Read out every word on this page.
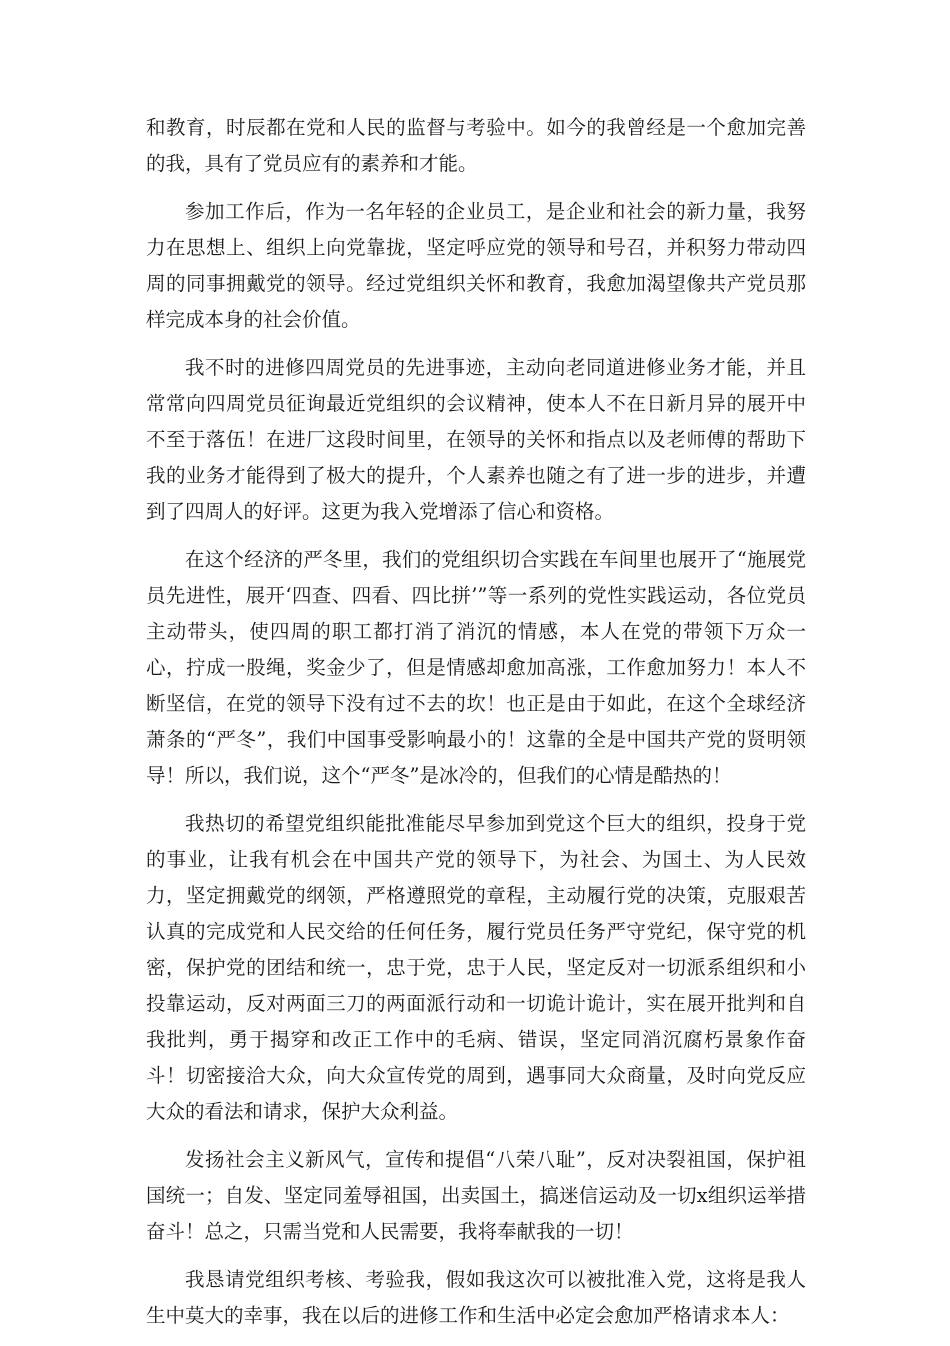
和教育，时辰都在党和人民的监督与考验中。如今的我曾经是一个愈加完善的我，具有了党员应有的素养和才能。

参加工作后，作为一名年轻的企业员工，是企业和社会的新力量，我努力在思想上、组织上向党靠拢，坚定呼应党的领导和号召，并积努力带动四周的同事拥戴党的领导。经过党组织关怀和教育，我愈加渴望像共产党员那样完成本身的社会价值。

我不时的进修四周党员的先进事迹，主动向老同道进修业务才能，并且常常向四周党员征询最近党组织的会议精神，使本人不在日新月异的展开中不至于落伍！在进厂这段时间里，在领导的关怀和指点以及老师傅的帮助下我的业务才能得到了极大的提升，个人素养也随之有了进一步的进步，并遭到了四周人的好评。这更为我入党增添了信心和资格。

在这个经济的严冬里，我们的党组织切合实践在车间里也展开了“施展党员先进性，展开‘四查、四看、四比拼’”等一系列的党性实践运动，各位党员主动带头，使四周的职工都打消了消沉的情感，本人在党的带领下万众一心，拧成一股绳，奖金少了，但是情感却愈加高涨，工作愈加努力！本人不断坚信，在党的领导下没有过不去的坎！也正是由于如此，在这个全球经济萧条的“严冬”，我们中国事受影响最小的！这靠的全是中国共产党的贤明领导！所以，我们说，这个“严冬”是冰冷的，但我们的心情是酷热的！

我热切的希望党组织能批准能尽早参加到党这个巨大的组织，投身于党的事业，让我有机会在中国共产党的领导下，为社会、为国土、为人民效力，坚定拥戴党的纲领，严格遵照党的章程，主动履行党的决策，克服艰苦认真的完成党和人民交给的任何任务，履行党员任务严守党纪，保守党的机密，保护党的团结和统一，忠于党，忠于人民，坚定反对一切派系组织和小投靠运动，反对两面三刀的两面派行动和一切诡计诡计，实在展开批判和自我批判，勇于揭穿和改正工作中的毛病、错误，坚定同消沉腐朽景象作奋斗！切密接洽大众，向大众宣传党的周到，遇事同大众商量，及时向党反应大众的看法和请求，保护大众利益。

发扬社会主义新风气，宣传和提倡“八荣八耻”，反对决裂祖国，保护祖国统一；自发、坚定同羞辱祖国，出卖国土，搞迷信运动及一切x组织运举措奋斗！总之，只需当党和人民需要，我将奉献我的一切！

我恳请党组织考核、考验我，假如我这次可以被批准入党，这将是我人生中莫大的幸事，我在以后的进修工作和生活中必定会愈加严格请求本人：
